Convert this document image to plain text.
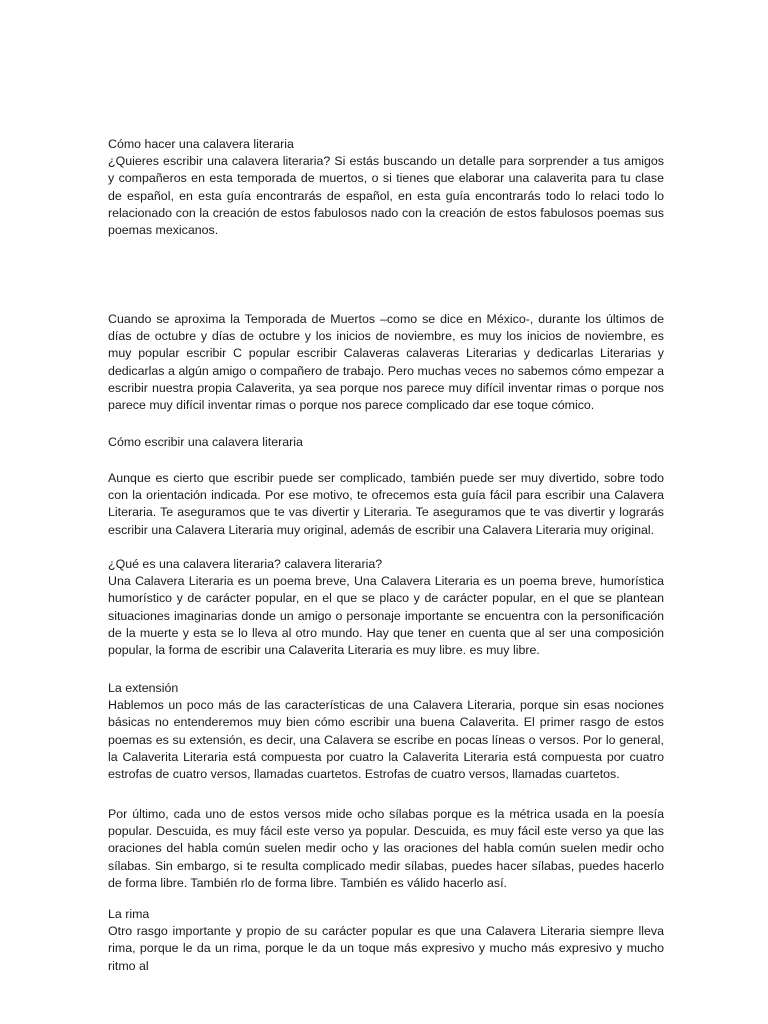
Cómo hacer una calavera literaria

¿Quieres escribir una calavera literaria? Si estás buscando un detalle para sorprender a tus amigos y compañeros en esta temporada de muertos, o si tienes que elaborar una calaverita para tu clase de español, en esta guía encontrarás de español, en esta guía encontrarás todo lo relaci todo lo relacionado con la creación de estos fabulosos nado con la creación de estos fabulosos poemas sus poemas mexicanos.

Cuando se aproxima la Temporada de Muertos –como se dice en México-, durante los últimos de días de octubre y días de octubre y los inicios de noviembre, es muy los inicios de noviembre, es muy popular escribir C popular escribir Calaveras calaveras Literarias y dedicarlas Literarias y dedicarlas a algún amigo o compañero de trabajo. Pero muchas veces no sabemos cómo empezar a escribir nuestra propia Calaverita, ya sea porque nos parece muy difícil inventar rimas o porque nos parece muy difícil inventar rimas o porque nos parece complicado dar ese toque cómico.

Cómo escribir una calavera literaria

Aunque es cierto que escribir puede ser complicado, también puede ser muy divertido, sobre todo con la orientación indicada. Por ese motivo, te ofrecemos esta guía fácil para escribir una Calavera Literaria. Te aseguramos que te vas divertir y Literaria. Te aseguramos que te vas divertir y lograrás escribir una Calavera Literaria muy original, además de escribir una Calavera Literaria muy original.

¿Qué es una calavera literaria? calavera literaria?

Una Calavera Literaria es un poema breve, Una Calavera Literaria es un poema breve, humorística humorístico y de carácter popular, en el que se placo y de carácter popular, en el que se plantean situaciones imaginarias donde un amigo o personaje importante se encuentra con la personificación de la muerte y esta se lo lleva al otro mundo. Hay que tener en cuenta que al ser una composición popular, la forma de escribir una Calaverita Literaria es muy libre. es muy libre.

La extensión

Hablemos un poco más de las características de una Calavera Literaria, porque sin esas nociones básicas no entenderemos muy bien cómo escribir una buena Calaverita. El primer rasgo de estos poemas es su extensión, es decir, una Calavera se escribe en pocas líneas o versos. Por lo general, la Calaverita Literaria está compuesta por cuatro la Calaverita Literaria está compuesta por cuatro estrofas de cuatro versos, llamadas cuartetos. Estrofas de cuatro versos, llamadas cuartetos.

Por último, cada uno de estos versos mide ocho sílabas porque es la métrica usada en la poesía popular. Descuida, es muy fácil este verso ya popular. Descuida, es muy fácil este verso ya que las oraciones del habla común suelen medir ocho y las oraciones del habla común suelen medir ocho sílabas. Sin embargo, si te resulta complicado medir sílabas, puedes hacer sílabas, puedes hacerlo de forma libre. También rlo de forma libre. También es válido hacerlo así.

La rima

Otro rasgo importante y propio de su carácter popular es que una Calavera Literaria siempre lleva rima, porque le da un rima, porque le da un toque más expresivo y mucho más expresivo y mucho ritmo al
